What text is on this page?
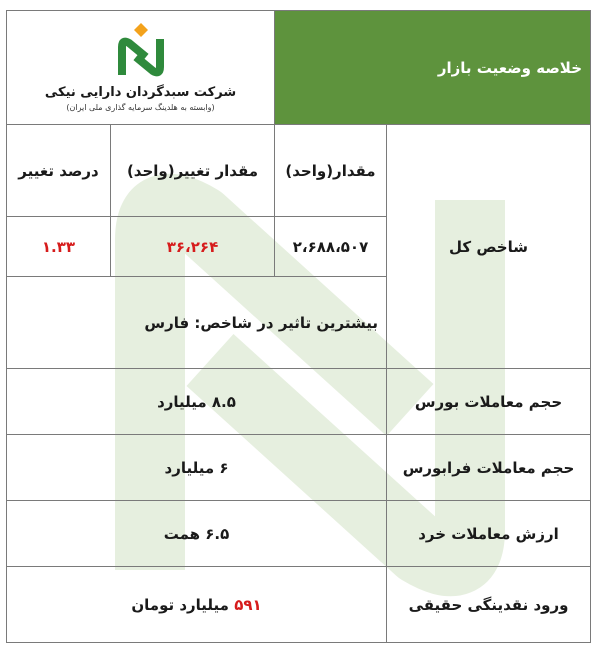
شرکت سبدگردان دارایی نیکی
(وابسته به هلدینگ سرمایه گذاری ملی ایران)		خلاصه وضعیت بازار	
درصد تغییر	مقدار تغییر(واحد)	مقدار(واحد)	شاخص کل
۱.۳۳	۳۶،۲۶۴	۲،۶۸۸،۵۰۷	
بیشترین تاثیر در شاخص: فارس			
۸.۵ میلیارد			حجم معاملات بورس
۶ میلیارد			حجم معاملات فرابورس
۶.۵ همت			ارزش معاملات خرد
۵۹۱ میلیارد تومان			ورود نقدینگی حقیقی
